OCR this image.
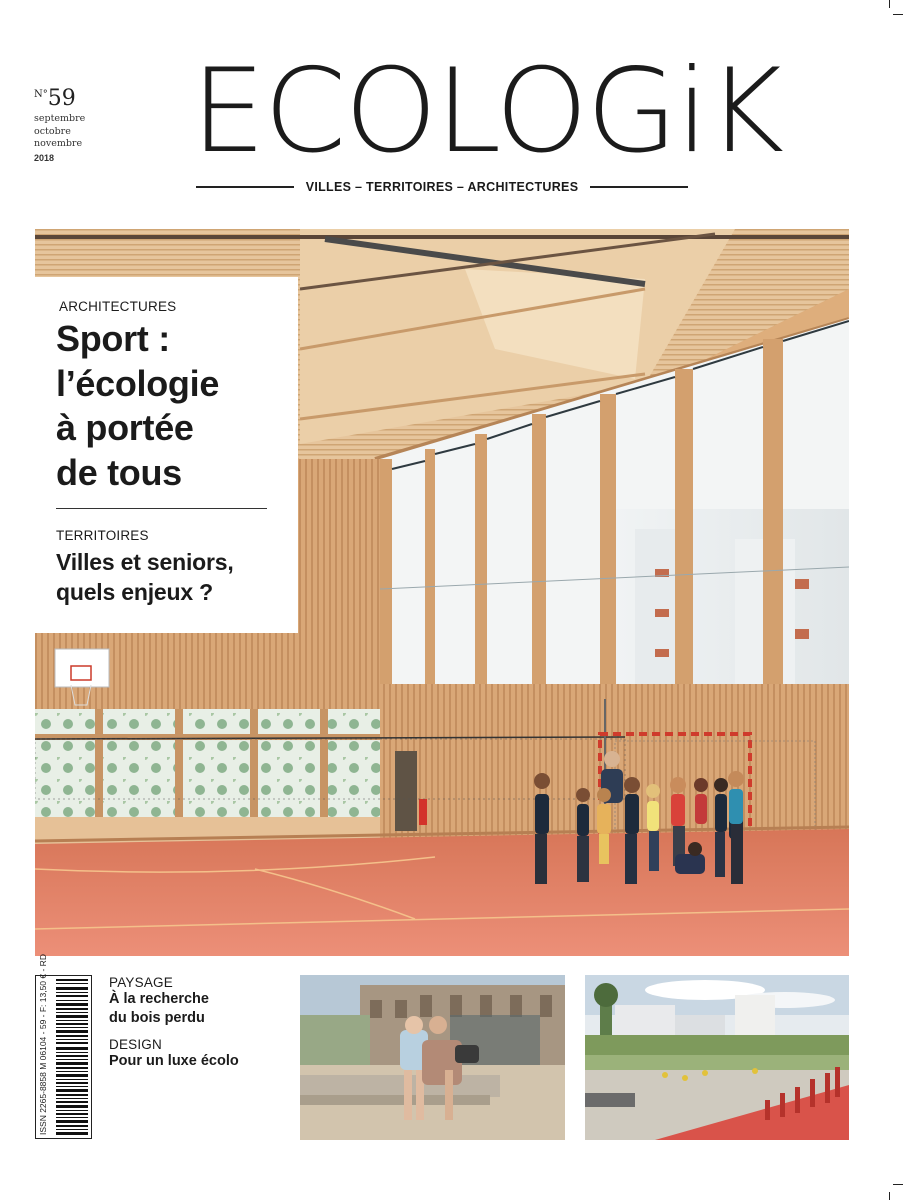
$^{N^\circ}$59
septembre
octobre
novembre
2018 ECOLOGiK
VILLES – TERRITOIRES – ARCHITECTURES
ARCHITECTURES
Sport :
l’écologie
à portée
de tous
TERRITOIRES
Villes et seniors,
quels enjeux ?
ISSN 2265-8858 M 06104 - 59 - F: 13,50 € - RD	PAYSAGE
À la recherche
du bois perdu
DESIGN
Pour un luxe écolo
